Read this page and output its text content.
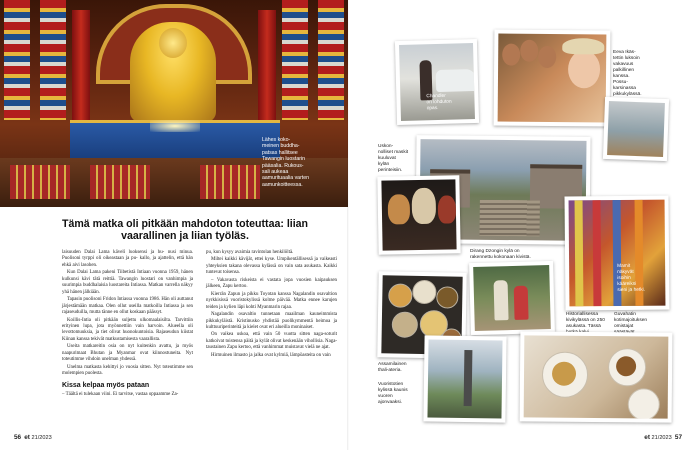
Lähes koko-
meinen buddha-
patsas hallitsee
Tawangin luostarin
pääsalia. Rukous-
sali aukeaa
aamurituaalia varten
aamunkoitteessa.
Tämä matka oli pitkään mahdoton toteuttaa: liian vaarallinen ja liian työläs.

laisuuden Dalai Lama kävelí luoksensi ja hu- nusi minua. Puolisoni tyrppi oli oikeastaan ja pu- kallo, ja ajattelin, että hän ehkä aivi lasohen.

Kun Dalai Lama pakeni Tiibetistä Intiaan vuonna 1959, hänen kulkunsi kävi tätä reittiä. Tawangin luostari on vanhimpia ja suurimpia buddhalaisia luostareita Intiassa. Matkan varrella näkyy yhä hänen jälkiään.

Tapasin puolisoni Fridon Intiassa vuonna 1986. Hän oli auttanut järjestämään matkaa. Olen ollut useilla matkoilla Intiassa ja sen rajaseuduilla, mutta tänne en ollut koskaan päässyt.

Koillis-Intia oli pitkään suljettu ulkomaalaisilta. Tarvittiin erityinen lupa, jota myönnettiin vain harvoin. Alueella oli levottomuuksia, ja tiet olivat huonokuntoisia. Rajaseudun kiistat Kiinan kanssa tekivät matkustamisesta vaarallista.

Useita matkareitin osia on nyt kuitenkin avattu, ja myös naapurimaat Bhutan ja Myanmar ovat kiinnostuneita. Nyt toteutimme vihdoin unelman yhdessä.

Unelma matkasta kehittyi jo vuosia sitten. Nyt toteutimme sen molempien puolesta.

Kissa kelpaa myös pataan

– Täältä ei tulekaan viini. Ei tarvitse, vastaa oppaamme Za-

pu, kun kysyy avaimia ravintolan henkilöltä.

Miltei kaikki kävijät, ettei kyse. Umpikentällisessä ja vaikeasti yhteyksien takana olevassa kylässä on vain sata asukasta. Kaikki tuntevat toisensa.

– Vakavasta riskeista ei vastata jopa vuosien kaipauksen jälkeen, Zapu kertoo.

Kierrän Zapun ja pikku Toyotan kanssa Nagalandin osavaltion nyrkkisissä vuoristokylissä kolme päivää. Matka ennee karujen teiden ja kylien läpi kohti Myanmarin rajaa.

Nagalandin osavaltio tunnetaan maailman kauneimmista pikkukyläistä. Kristinusko yhdistää puolikymmentä heimoa ja kulttuuriperinteitä ja kielet ovat eri alueilla moninaiset.

On vaikea uskoa, että vain 50 vuotta sitten naga-soturit katkoivat toistensa päitä ja kylät olivat keskenään vihollisia. Naga-taustainen Zapu kertoo, että vanhimmat muistavat vielä ne ajat.

Hirmuinen ilmasto ja jalka ovat kylmiä, lämpöasteita on vain

56 et 21/2023
Chandler
on lohduton
opas.
Eeva Ikäs-
tettin luksoin
vakavuus
palkillinen
kanssa.
Possu-
karsinassa
pikkukylässä.
Dirang Dzongin kylä on
rakennettu kokonaan kivistä.
Uskon-
nolliset maskit
kuuluvat
kylän
perinteisiin.
Mamit
näkyvät
isoihin
kääreiksi
sieni ja hetki.
Assamilainen
thali-ateria.
Vuoristotien
kylissä kaunis
vuoren
ajonvaaksi.
Historiallisessa
kivikylässä on 250
asukasta. Tässä

Guvahatin kotimajoituksen
omistajat

et 21/2023 57
